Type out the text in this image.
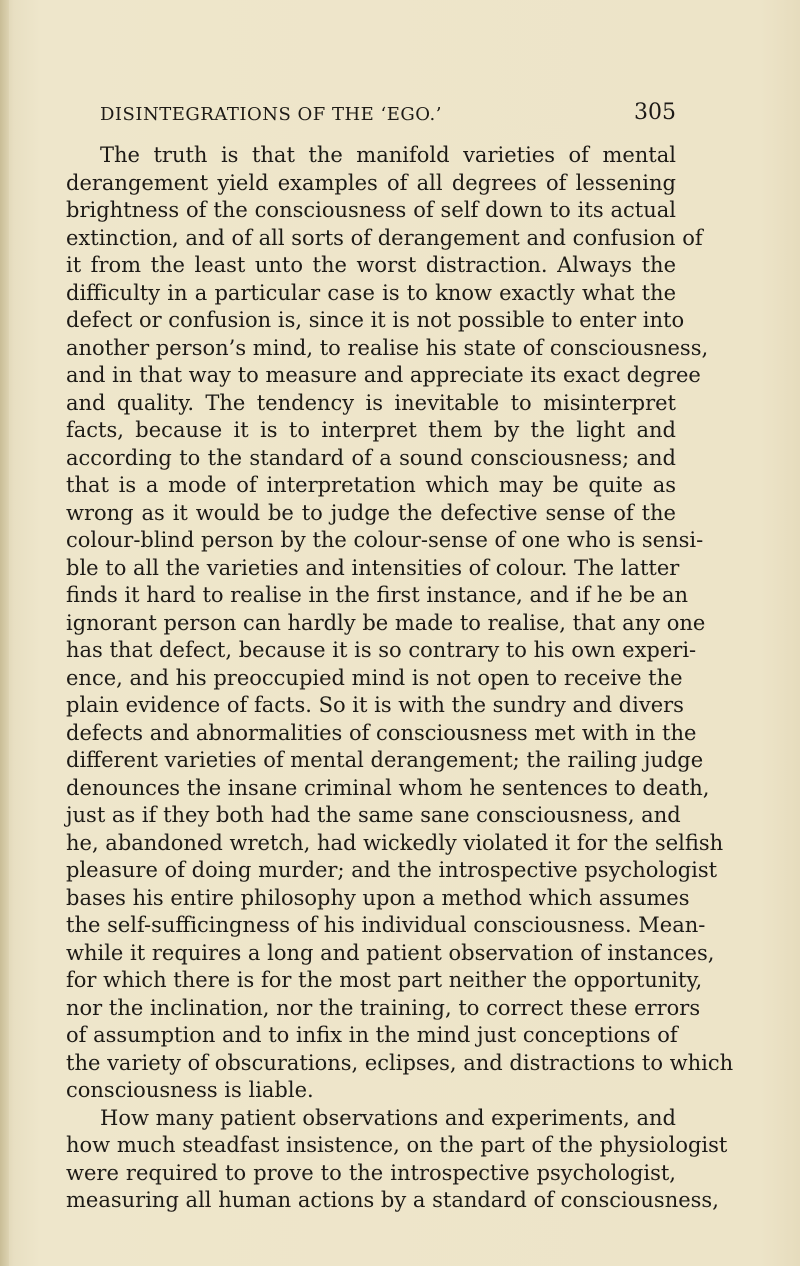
DISINTEGRATIONS OF THE ‘EGO.’	305
The truth is that the manifold varieties of mental
derangement yield examples of all degrees of lessening
brightness of the consciousness of self down to its actual
extinction, and of all sorts of derangement and confusion of
it from the least unto the worst distraction. Always the
difficulty in a particular case is to know exactly what the
defect or confusion is, since it is not possible to enter into
another person’s mind, to realise his state of consciousness,
and in that way to measure and appreciate its exact degree
and quality. The tendency is inevitable to misinterpret
facts, because it is to interpret them by the light and
according to the standard of a sound consciousness; and
that is a mode of interpretation which may be quite as
wrong as it would be to judge the defective sense of the
colour-blind person by the colour-sense of one who is sensi-
ble to all the varieties and intensities of colour. The latter
finds it hard to realise in the first instance, and if he be an
ignorant person can hardly be made to realise, that any one
has that defect, because it is so contrary to his own experi-
ence, and his preoccupied mind is not open to receive the
plain evidence of facts. So it is with the sundry and divers
defects and abnormalities of consciousness met with in the
different varieties of mental derangement; the railing judge
denounces the insane criminal whom he sentences to death,
just as if they both had the same sane consciousness, and
he, abandoned wretch, had wickedly violated it for the selfish
pleasure of doing murder; and the introspective psychologist
bases his entire philosophy upon a method which assumes
the self-sufficingness of his individual consciousness. Mean-
while it requires a long and patient observation of instances,
for which there is for the most part neither the opportunity,
nor the inclination, nor the training, to correct these errors
of assumption and to infix in the mind just conceptions of
the variety of obscurations, eclipses, and distractions to which
consciousness is liable.
How many patient observations and experiments, and
how much steadfast insistence, on the part of the physiologist
were required to prove to the introspective psychologist,
measuring all human actions by a standard of consciousness,
